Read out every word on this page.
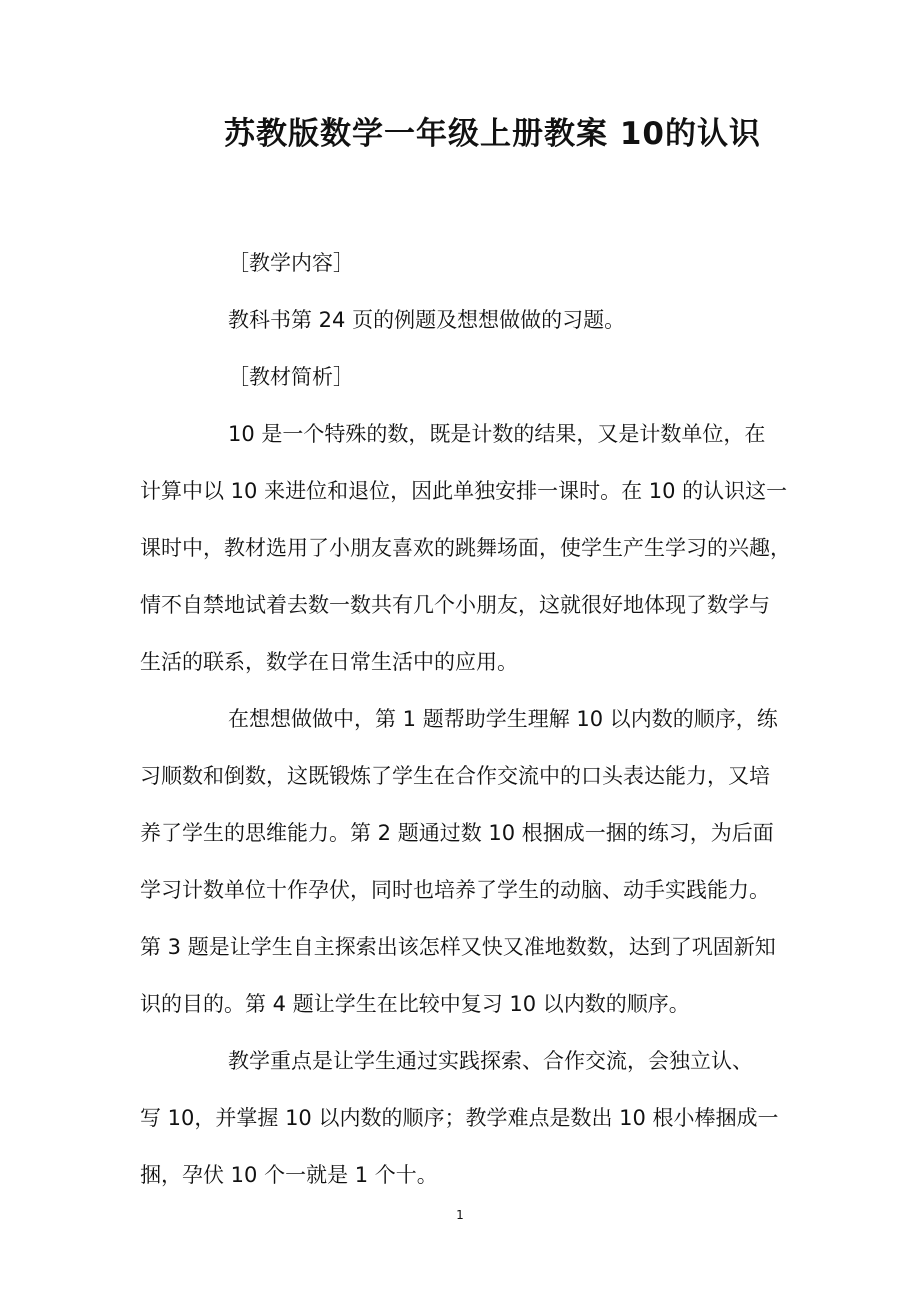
苏教版数学一年级上册教案 10的认识
［教学内容］
教科书第 24 页的例题及想想做做的习题。
［教材简析］
10 是一个特殊的数，既是计数的结果，又是计数单位，在
计算中以 10 来进位和退位，因此单独安排一课时。在 10 的认识这一
课时中，教材选用了小朋友喜欢的跳舞场面，使学生产生学习的兴趣，
情不自禁地试着去数一数共有几个小朋友，这就很好地体现了数学与
生活的联系，数学在日常生活中的应用。
在想想做做中，第 1 题帮助学生理解 10 以内数的顺序，练
习顺数和倒数，这既锻炼了学生在合作交流中的口头表达能力，又培
养了学生的思维能力。第 2 题通过数 10 根捆成一捆的练习，为后面
学习计数单位十作孕伏，同时也培养了学生的动脑、动手实践能力。
第 3 题是让学生自主探索出该怎样又快又准地数数，达到了巩固新知
识的目的。第 4 题让学生在比较中复习 10 以内数的顺序。
教学重点是让学生通过实践探索、合作交流，会独立认、
写 10，并掌握 10 以内数的顺序；教学难点是数出 10 根小棒捆成一
捆，孕伏 10 个一就是 1 个十。
1
